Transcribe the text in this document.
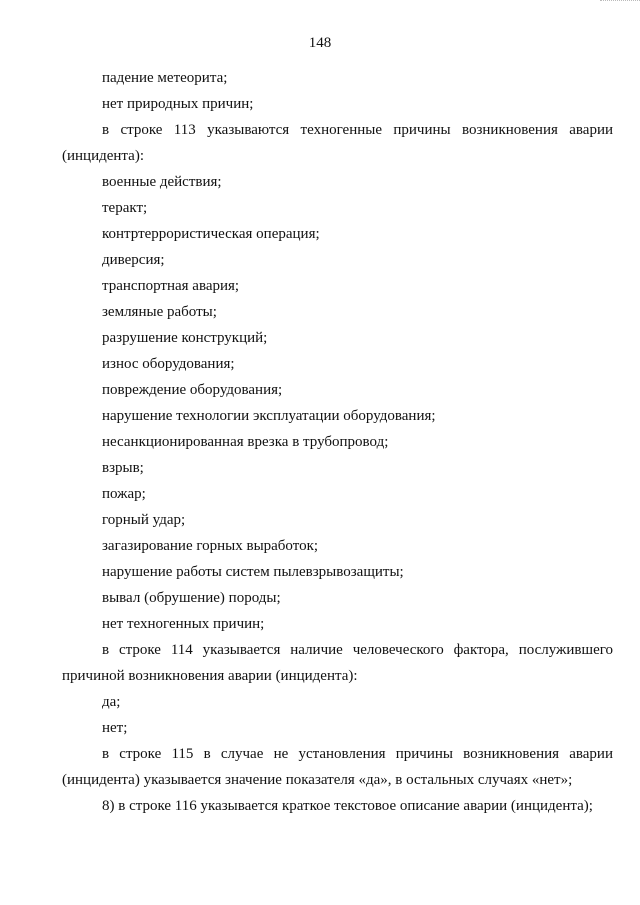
148
падение метеорита;
нет природных причин;
в строке 113 указываются техногенные причины возникновения аварии
(инцидента):
военные действия;
теракт;
контртеррористическая операция;
диверсия;
транспортная авария;
земляные работы;
разрушение конструкций;
износ оборудования;
повреждение оборудования;
нарушение технологии эксплуатации оборудования;
несанкционированная врезка в трубопровод;
взрыв;
пожар;
горный удар;
загазирование горных выработок;
нарушение работы систем пылевзрывозащиты;
вывал (обрушение) породы;
нет техногенных причин;
в строке 114 указывается наличие человеческого фактора, послужившего
причиной возникновения аварии (инцидента):
да;
нет;
в строке 115 в случае не установления причины возникновения аварии
(инцидента) указывается значение показателя «да», в остальных случаях «нет»;
8) в строке 116 указывается краткое текстовое описание аварии (инцидента);
